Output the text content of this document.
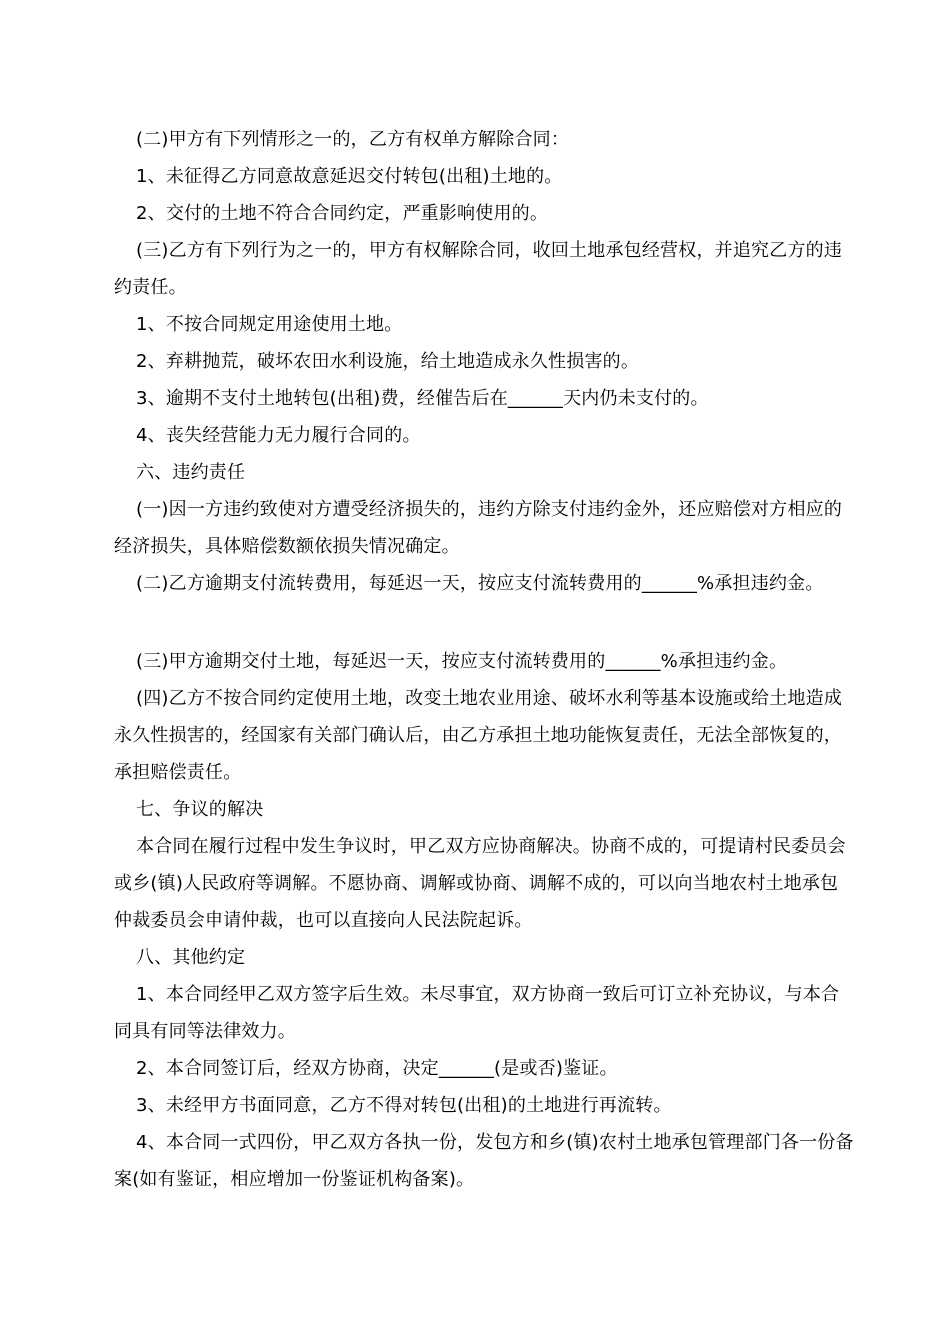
(二)甲方有下列情形之一的，乙方有权单方解除合同：

1、未征得乙方同意故意延迟交付转包(出租)土地的。

2、交付的土地不符合合同约定，严重影响使用的。

(三)乙方有下列行为之一的，甲方有权解除合同，收回土地承包经营权，并追究乙方的违约责任。

1、不按合同规定用途使用土地。

2、弃耕抛荒，破坏农田水利设施，给土地造成永久性损害的。

3、逾期不支付土地转包(出租)费，经催告后在______天内仍未支付的。

4、丧失经营能力无力履行合同的。

六、违约责任

(一)因一方违约致使对方遭受经济损失的，违约方除支付违约金外，还应赔偿对方相应的经济损失，具体赔偿数额依损失情况确定。

(二)乙方逾期支付流转费用，每延迟一天，按应支付流转费用的______%承担违约金。

(三)甲方逾期交付土地，每延迟一天，按应支付流转费用的______%承担违约金。

(四)乙方不按合同约定使用土地，改变土地农业用途、破坏水利等基本设施或给土地造成永久性损害的，经国家有关部门确认后，由乙方承担土地功能恢复责任，无法全部恢复的，承担赔偿责任。

七、争议的解决

本合同在履行过程中发生争议时，甲乙双方应协商解决。协商不成的，可提请村民委员会或乡(镇)人民政府等调解。不愿协商、调解或协商、调解不成的，可以向当地农村土地承包仲裁委员会申请仲裁，也可以直接向人民法院起诉。

八、其他约定

1、本合同经甲乙双方签字后生效。未尽事宜，双方协商一致后可订立补充协议，与本合同具有同等法律效力。

2、本合同签订后，经双方协商，决定______(是或否)鉴证。

3、未经甲方书面同意，乙方不得对转包(出租)的土地进行再流转。

4、本合同一式四份，甲乙双方各执一份，发包方和乡(镇)农村土地承包管理部门各一份备案(如有鉴证，相应增加一份鉴证机构备案)。
